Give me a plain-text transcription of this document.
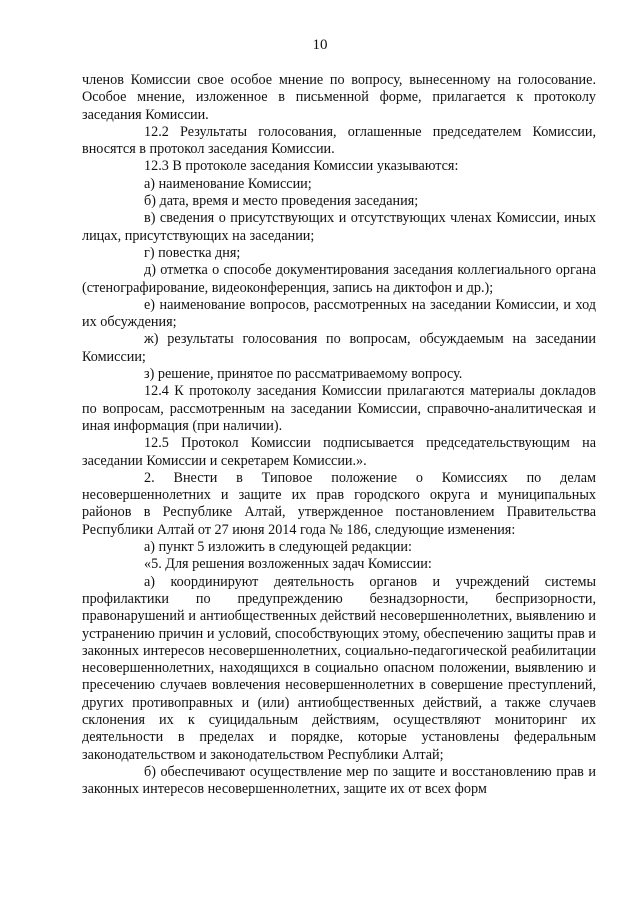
10

членов Комиссии свое особое мнение по вопросу, вынесенному на голосование. Особое мнение, изложенное в письменной форме, прилагается к протоколу заседания Комиссии.

12.2 Результаты голосования, оглашенные председателем Комиссии, вносятся в протокол заседания Комиссии.

12.3 В протоколе заседания Комиссии указываются:

а) наименование Комиссии;

б) дата, время и место проведения заседания;

в) сведения о присутствующих и отсутствующих членах Комиссии, иных лицах, присутствующих на заседании;

г) повестка дня;

д) отметка о способе документирования заседания коллегиального органа (стенографирование, видеоконференция, запись на диктофон и др.);

е) наименование вопросов, рассмотренных на заседании Комиссии, и ход их обсуждения;

ж) результаты голосования по вопросам, обсуждаемым на заседании Комиссии;

з) решение, принятое по рассматриваемому вопросу.

12.4 К протоколу заседания Комиссии прилагаются материалы докладов по вопросам, рассмотренным на заседании Комиссии, справочно-аналитическая и иная информация (при наличии).

12.5 Протокол Комиссии подписывается председательствующим на заседании Комиссии и секретарем Комиссии.».

2. Внести в Типовое положение о Комиссиях по делам несовершеннолетних и защите их прав городского округа и муниципальных районов в Республике Алтай, утвержденное постановлением Правительства Республики Алтай от 27 июня 2014 года № 186, следующие изменения:

а) пункт 5 изложить в следующей редакции:

«5. Для решения возложенных задач Комиссии:

а) координируют деятельность органов и учреждений системы профилактики по предупреждению безнадзорности, беспризорности, правонарушений и антиобщественных действий несовершеннолетних, выявлению и устранению причин и условий, способствующих этому, обеспечению защиты прав и законных интересов несовершеннолетних, социально-педагогической реабилитации несовершеннолетних, находящихся в социально опасном положении, выявлению и пресечению случаев вовлечения несовершеннолетних в совершение преступлений, других противоправных и (или) антиобщественных действий, а также случаев склонения их к суицидальным действиям, осуществляют мониторинг их деятельности в пределах и порядке, которые установлены федеральным законодательством и законодательством Республики Алтай;

б) обеспечивают осуществление мер по защите и восстановлению прав и законных интересов несовершеннолетних, защите их от всех форм
